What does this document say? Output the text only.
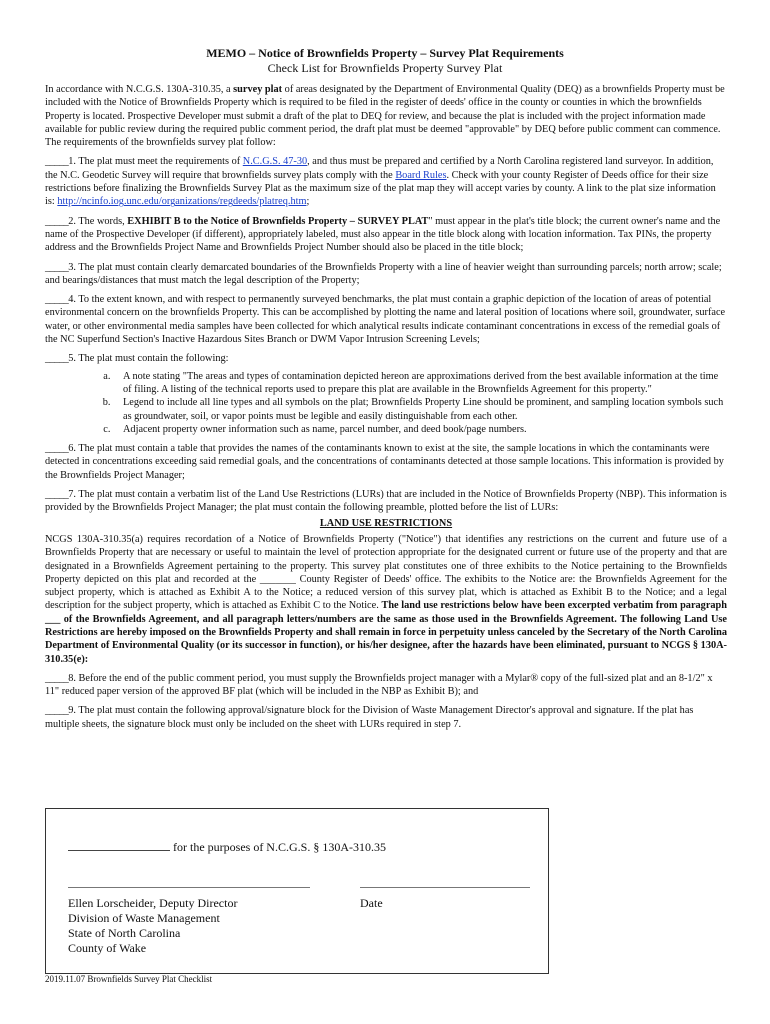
MEMO – Notice of Brownfields Property – Survey Plat Requirements
Check List for Brownfields Property Survey Plat

In accordance with N.C.G.S. 130A-310.35, a survey plat of areas designated by the Department of Environmental Quality (DEQ) as a brownfields Property must be included with the Notice of Brownfields Property which is required to be filed in the register of deeds' office in the county or counties in which the brownfields Property is located. Prospective Developer must submit a draft of the plat to DEQ for review, and because the plat is included with the project information made available for public review during the required public comment period, the draft plat must be deemed "approvable" by DEQ before public comment can commence. The requirements of the brownfields survey plat follow:

_____1. The plat must meet the requirements of N.C.G.S. 47-30, and thus must be prepared and certified by a North Carolina registered land surveyor. In addition, the N.C. Geodetic Survey will require that brownfields survey plats comply with the Board Rules. Check with your county Register of Deeds office for their size restrictions before finalizing the Brownfields Survey Plat as the maximum size of the plat map they will accept varies by county. A link to the plat size information is: http://ncinfo.iog.unc.edu/organizations/regdeeds/platreq.htm;

_____2. The words, EXHIBIT B to the Notice of Brownfields Property – SURVEY PLAT" must appear in the plat's title block; the current owner's name and the name of the Prospective Developer (if different), appropriately labeled, must also appear in the title block along with location information. Tax PINs, the property address and the Brownfields Project Name and Brownfields Project Number should also be placed in the title block;

_____3. The plat must contain clearly demarcated boundaries of the Brownfields Property with a line of heavier weight than surrounding parcels; north arrow; scale; and bearings/distances that must match the legal description of the Property;

_____4. To the extent known, and with respect to permanently surveyed benchmarks, the plat must contain a graphic depiction of the location of areas of potential environmental concern on the brownfields Property. This can be accomplished by plotting the name and lateral position of locations where soil, groundwater, surface water, or other environmental media samples have been collected for which analytical results indicate contaminant concentrations in excess of the remedial goals of the NC Superfund Section's Inactive Hazardous Sites Branch or DWM Vapor Intrusion Screening Levels;

_____5. The plat must contain the following:

a. A note stating "The areas and types of contamination depicted hereon are approximations derived from the best available information at the time of filing. A listing of the technical reports used to prepare this plat are available in the Brownfields Agreement for this property."
b. Legend to include all line types and all symbols on the plat; Brownfields Property Line should be prominent, and sampling location symbols such as groundwater, soil, or vapor points must be legible and easily distinguishable from each other.
c. Adjacent property owner information such as name, parcel number, and deed book/page numbers.

_____6. The plat must contain a table that provides the names of the contaminants known to exist at the site, the sample locations in which the contaminants were detected in concentrations exceeding said remedial goals, and the concentrations of contaminants detected at those sample locations. This information is provided by the Brownfields Project Manager;

_____7. The plat must contain a verbatim list of the Land Use Restrictions (LURs) that are included in the Notice of Brownfields Property (NBP). This information is provided by the Brownfields Project Manager; the plat must contain the following preamble, plotted before the list of LURs:

LAND USE RESTRICTIONS

NCGS 130A-310.35(a) requires recordation of a Notice of Brownfields Property ("Notice") that identifies any restrictions on the current and future use of a Brownfields Property that are necessary or useful to maintain the level of protection appropriate for the designated current or future use of the property and that are designated in a Brownfields Agreement pertaining to the property. This survey plat constitutes one of three exhibits to the Notice pertaining to the Brownfields Property depicted on this plat and recorded at the _______ County Register of Deeds' office. The exhibits to the Notice are: the Brownfields Agreement for the subject property, which is attached as Exhibit A to the Notice; a reduced version of this survey plat, which is attached as Exhibit B to the Notice; and a legal description for the subject property, which is attached as Exhibit C to the Notice. The land use restrictions below have been excerpted verbatim from paragraph ___ of the Brownfields Agreement, and all paragraph letters/numbers are the same as those used in the Brownfields Agreement. The following Land Use Restrictions are hereby imposed on the Brownfields Property and shall remain in force in perpetuity unless canceled by the Secretary of the North Carolina Department of Environmental Quality (or its successor in function), or his/her designee, after the hazards have been eliminated, pursuant to NCGS § 130A-310.35(e):

_____8. Before the end of the public comment period, you must supply the Brownfields project manager with a Mylar® copy of the full-sized plat and an 8-1/2" x 11" reduced paper version of the approved BF plat (which will be included in the NBP as Exhibit B); and

_____9. The plat must contain the following approval/signature block for the Division of Waste Management Director's approval and signature. If the plat has multiple sheets, the signature block must only be included on the sheet with LURs required in step 7.

for the purposes of N.C.G.S. § 130A-310.35
Ellen Lorscheider, Deputy Director
Division of Waste Management
State of North Carolina
County of Wake
Date
2019.11.07 Brownfields Survey Plat Checklist
